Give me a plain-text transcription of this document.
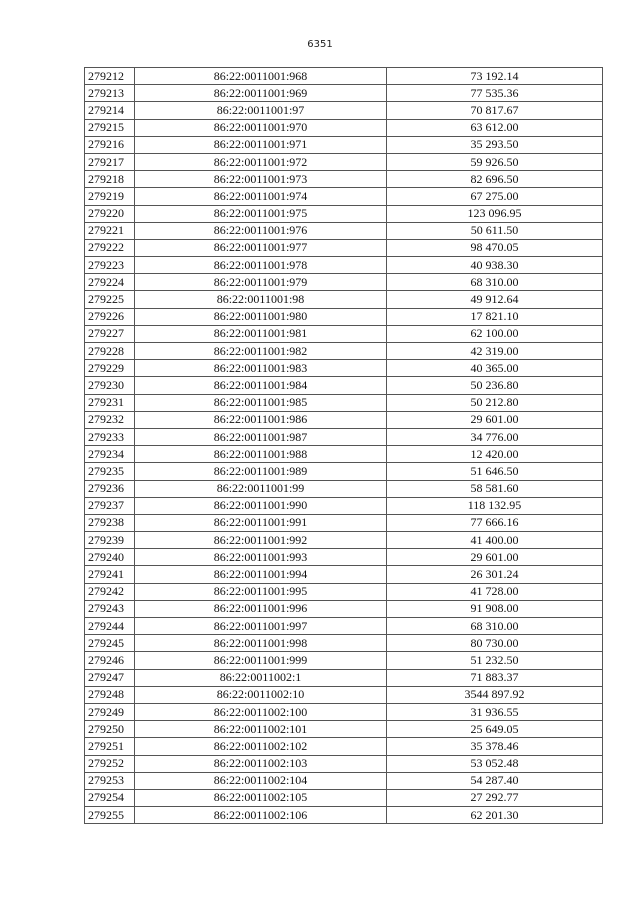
6351
279212	86:22:0011001:968	73 192.14
279213	86:22:0011001:969	77 535.36
279214	86:22:0011001:97	70 817.67
279215	86:22:0011001:970	63 612.00
279216	86:22:0011001:971	35 293.50
279217	86:22:0011001:972	59 926.50
279218	86:22:0011001:973	82 696.50
279219	86:22:0011001:974	67 275.00
279220	86:22:0011001:975	123 096.95
279221	86:22:0011001:976	50 611.50
279222	86:22:0011001:977	98 470.05
279223	86:22:0011001:978	40 938.30
279224	86:22:0011001:979	68 310.00
279225	86:22:0011001:98	49 912.64
279226	86:22:0011001:980	17 821.10
279227	86:22:0011001:981	62 100.00
279228	86:22:0011001:982	42 319.00
279229	86:22:0011001:983	40 365.00
279230	86:22:0011001:984	50 236.80
279231	86:22:0011001:985	50 212.80
279232	86:22:0011001:986	29 601.00
279233	86:22:0011001:987	34 776.00
279234	86:22:0011001:988	12 420.00
279235	86:22:0011001:989	51 646.50
279236	86:22:0011001:99	58 581.60
279237	86:22:0011001:990	118 132.95
279238	86:22:0011001:991	77 666.16
279239	86:22:0011001:992	41 400.00
279240	86:22:0011001:993	29 601.00
279241	86:22:0011001:994	26 301.24
279242	86:22:0011001:995	41 728.00
279243	86:22:0011001:996	91 908.00
279244	86:22:0011001:997	68 310.00
279245	86:22:0011001:998	80 730.00
279246	86:22:0011001:999	51 232.50
279247	86:22:0011002:1	71 883.37
279248	86:22:0011002:10	3544 897.92
279249	86:22:0011002:100	31 936.55
279250	86:22:0011002:101	25 649.05
279251	86:22:0011002:102	35 378.46
279252	86:22:0011002:103	53 052.48
279253	86:22:0011002:104	54 287.40
279254	86:22:0011002:105	27 292.77
279255	86:22:0011002:106	62 201.30
